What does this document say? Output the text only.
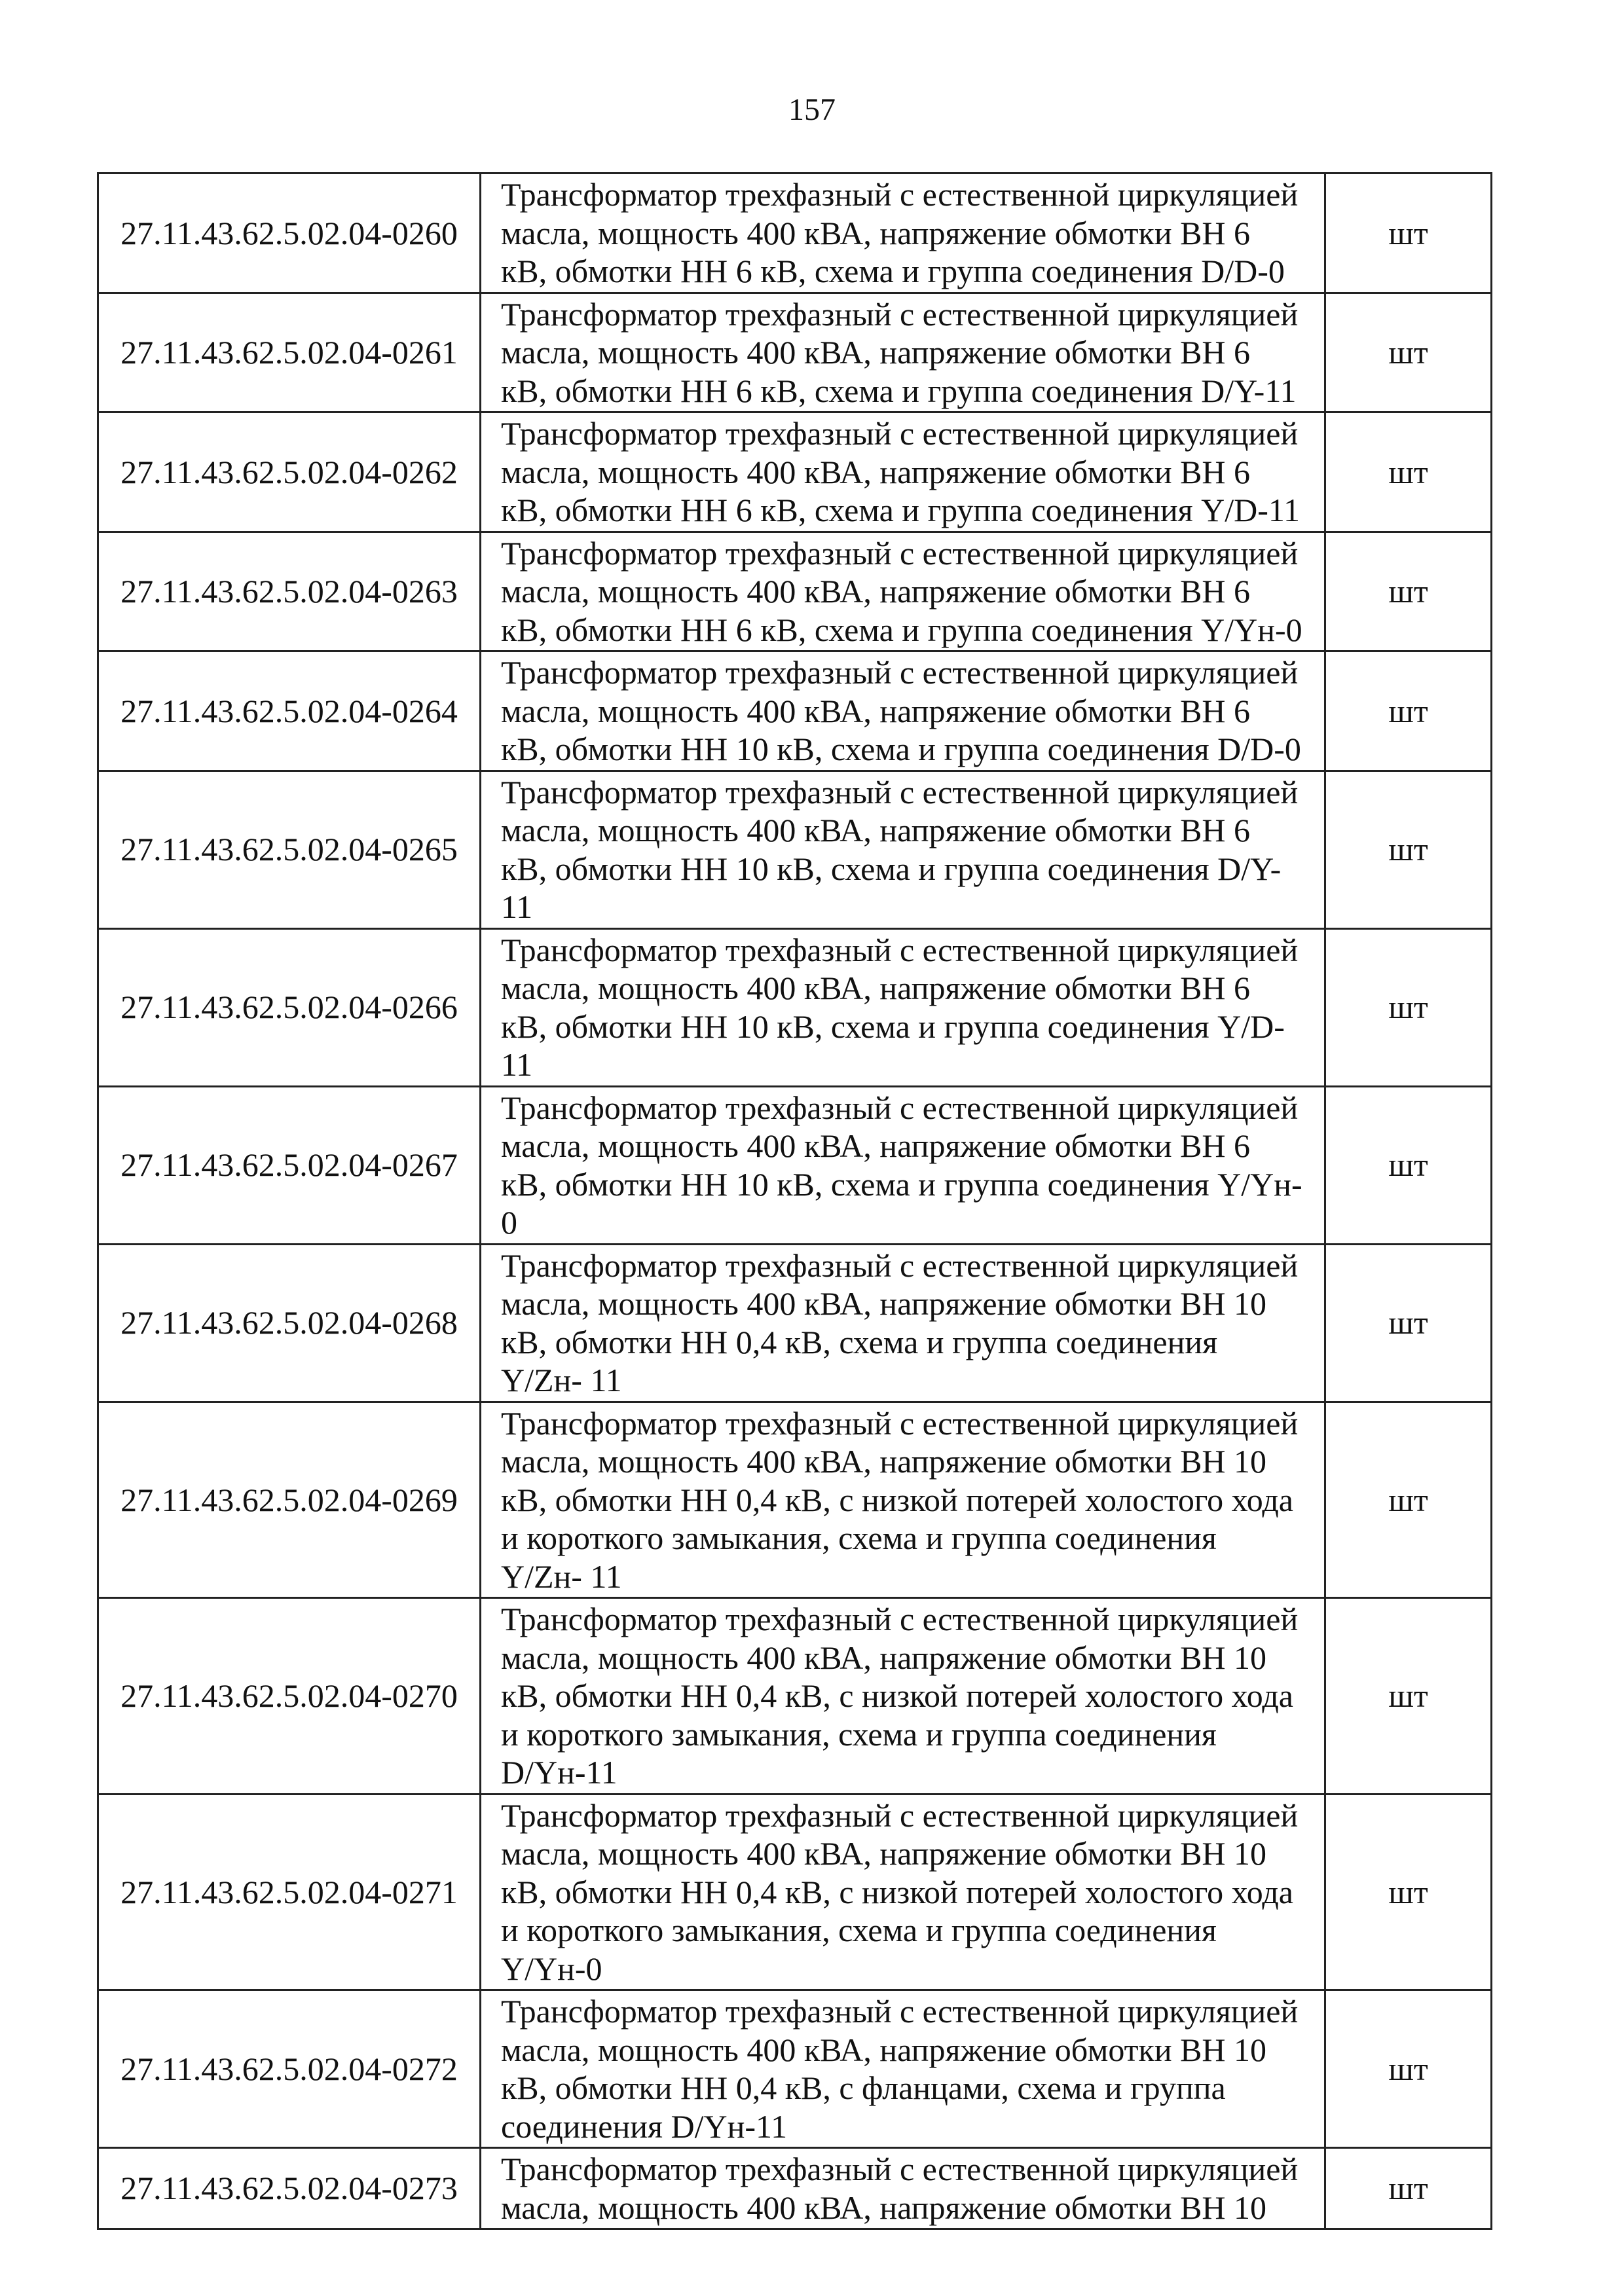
157
27.11.43.62.5.02.04-0260	Трансформатор трехфазный с естественной циркуляцией
масла, мощность 400 кВА, напряжение обмотки ВН 6
кВ, обмотки НН 6 кВ, схема и группа соединения D/D-0	шт
27.11.43.62.5.02.04-0261	Трансформатор трехфазный с естественной циркуляцией
масла, мощность 400 кВА, напряжение обмотки ВН 6
кВ, обмотки НН 6 кВ, схема и группа соединения D/Y-11	шт
27.11.43.62.5.02.04-0262	Трансформатор трехфазный с естественной циркуляцией
масла, мощность 400 кВА, напряжение обмотки ВН 6
кВ, обмотки НН 6 кВ, схема и группа соединения Y/D-11	шт
27.11.43.62.5.02.04-0263	Трансформатор трехфазный с естественной циркуляцией
масла, мощность 400 кВА, напряжение обмотки ВН 6
кВ, обмотки НН 6 кВ, схема и группа соединения Y/Yн-0	шт
27.11.43.62.5.02.04-0264	Трансформатор трехфазный с естественной циркуляцией
масла, мощность 400 кВА, напряжение обмотки ВН 6
кВ, обмотки НН 10 кВ, схема и группа соединения D/D-0	шт
27.11.43.62.5.02.04-0265	Трансформатор трехфазный с естественной циркуляцией
масла, мощность 400 кВА, напряжение обмотки ВН 6
кВ, обмотки НН 10 кВ, схема и группа соединения D/Y-
11	шт
27.11.43.62.5.02.04-0266	Трансформатор трехфазный с естественной циркуляцией
масла, мощность 400 кВА, напряжение обмотки ВН 6
кВ, обмотки НН 10 кВ, схема и группа соединения Y/D-
11	шт
27.11.43.62.5.02.04-0267	Трансформатор трехфазный с естественной циркуляцией
масла, мощность 400 кВА, напряжение обмотки ВН 6
кВ, обмотки НН 10 кВ, схема и группа соединения Y/Yн-
0	шт
27.11.43.62.5.02.04-0268	Трансформатор трехфазный с естественной циркуляцией
масла, мощность 400 кВА, напряжение обмотки ВН 10
кВ, обмотки НН 0,4 кВ, схема и группа соединения
Y/Zн- 11	шт
27.11.43.62.5.02.04-0269	Трансформатор трехфазный с естественной циркуляцией
масла, мощность 400 кВА, напряжение обмотки ВН 10
кВ, обмотки НН 0,4 кВ, с низкой потерей холостого хода
и короткого замыкания, схема и группа соединения
Y/Zн- 11	шт
27.11.43.62.5.02.04-0270	Трансформатор трехфазный с естественной циркуляцией
масла, мощность 400 кВА, напряжение обмотки ВН 10
кВ, обмотки НН 0,4 кВ, с низкой потерей холостого хода
и короткого замыкания, схема и группа соединения
D/Yн-11	шт
27.11.43.62.5.02.04-0271	Трансформатор трехфазный с естественной циркуляцией
масла, мощность 400 кВА, напряжение обмотки ВН 10
кВ, обмотки НН 0,4 кВ, с низкой потерей холостого хода
и короткого замыкания, схема и группа соединения
Y/Yн-0	шт
27.11.43.62.5.02.04-0272	Трансформатор трехфазный с естественной циркуляцией
масла, мощность 400 кВА, напряжение обмотки ВН 10
кВ, обмотки НН 0,4 кВ, с фланцами, схема и группа
соединения D/Yн-11	шт
27.11.43.62.5.02.04-0273	Трансформатор трехфазный с естественной циркуляцией
масла, мощность 400 кВА, напряжение обмотки ВН 10	шт
